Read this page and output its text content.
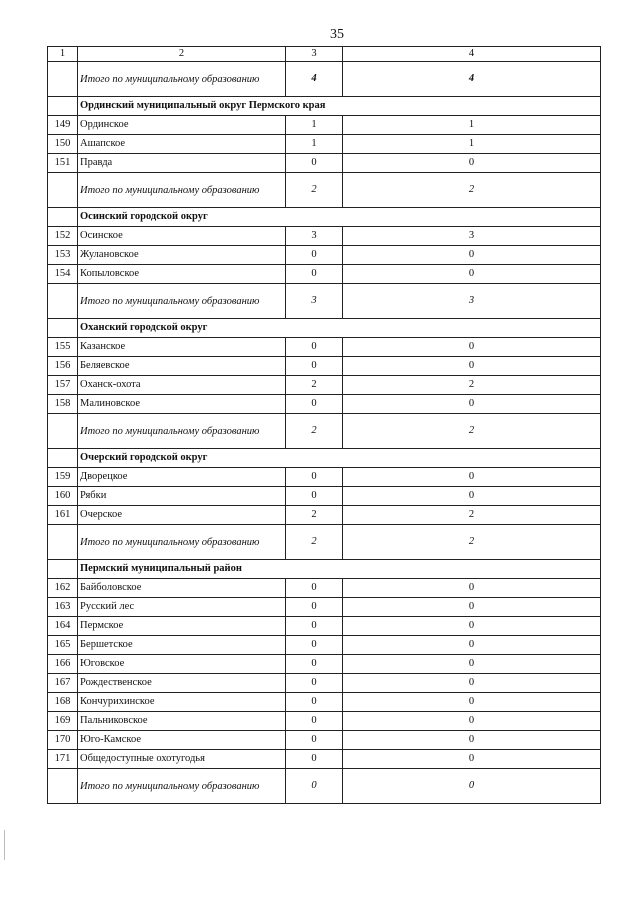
35
1	2	3	4
	Итого по муниципальному образованию	4	4
	Ординский муниципальный округ Пермского края		
149	Ординское	1	1
150	Ашапское	1	1
151	Правда	0	0
	Итого по муниципальному образованию	2	2
	Осинский городской округ		
152	Осинское	3	3
153	Жулановское	0	0
154	Копыловское	0	0
	Итого по муниципальному образованию	3	3
	Оханский городской округ		
155	Казанское	0	0
156	Беляевское	0	0
157	Оханск-охота	2	2
158	Малиновское	0	0
	Итого по муниципальному образованию	2	2
	Очерский городской округ		
159	Дворецкое	0	0
160	Рябки	0	0
161	Очерское	2	2
	Итого по муниципальному образованию	2	2
	Пермский муниципальный район		
162	Байболовское	0	0
163	Русский лес	0	0
164	Пермское	0	0
165	Бершетское	0	0
166	Юговское	0	0
167	Рождественское	0	0
168	Кончурихинское	0	0
169	Пальниковское	0	0
170	Юго-Камское	0	0
171	Общедоступные охотугодья	0	0
	Итого по муниципальному образованию	0	0
